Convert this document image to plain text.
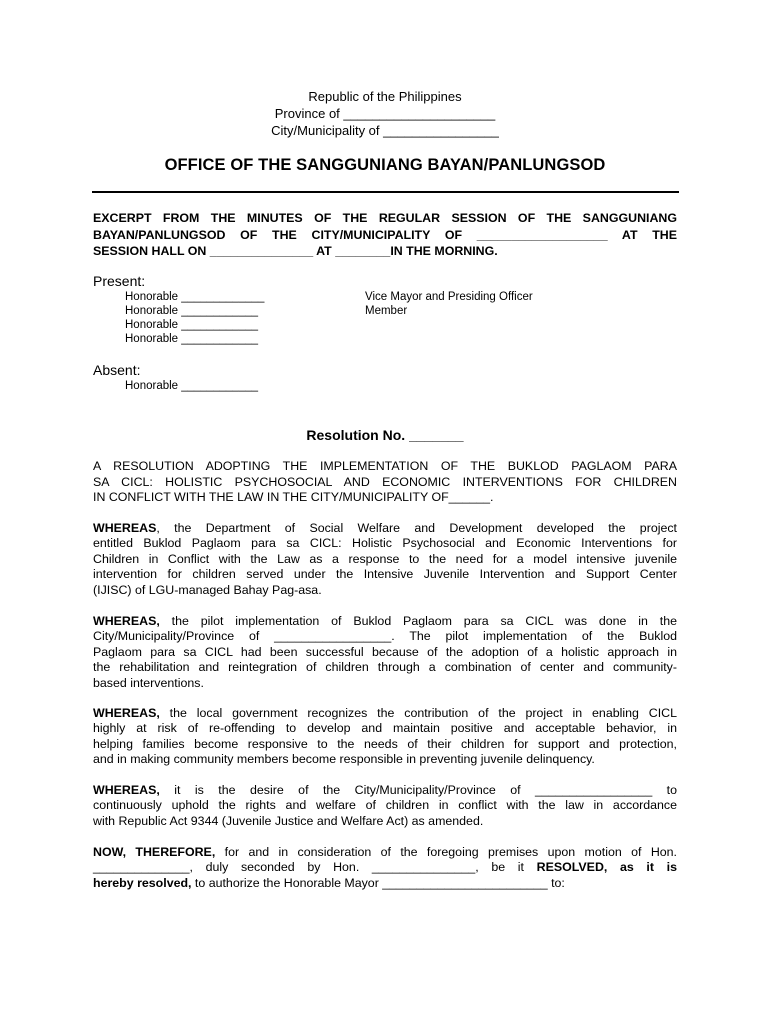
Republic of the Philippines
Province of _____________________
City/Municipality of ________________
OFFICE OF THE SANGGUNIANG BAYAN/PANLUNGSOD
EXCERPT FROM THE MINUTES OF THE REGULAR SESSION OF THE SANGGUNIANG
BAYAN/PANLUNGSOD OF THE CITY/MUNICIPALITY OF ___________________ AT THE
SESSION HALL ON _______________ AT ________IN THE MORNING.
Present:
Honorable _____________
Honorable ____________
Honorable ____________
Honorable ____________
Vice Mayor and Presiding Officer
Member
Absent:
Honorable ____________
Resolution No. _______
A RESOLUTION ADOPTING THE IMPLEMENTATION OF THE BUKLOD PAGLAOM PARA
SA CICL: HOLISTIC PSYCHOSOCIAL AND ECONOMIC INTERVENTIONS FOR CHILDREN
IN CONFLICT WITH THE LAW IN THE CITY/MUNICIPALITY OF______.
WHEREAS, the Department of Social Welfare and Development developed the project
entitled Buklod Paglaom para sa CICL: Holistic Psychosocial and Economic Interventions for
Children in Conflict with the Law as a response to the need for a model intensive juvenile
intervention for children served under the Intensive Juvenile Intervention and Support Center
(IJISC) of LGU-managed Bahay Pag-asa.
WHEREAS, the pilot implementation of Buklod Paglaom para sa CICL was done in the
City/Municipality/Province of _________________. The pilot implementation of the Buklod
Paglaom para sa CICL had been successful because of the adoption of a holistic approach in
the rehabilitation and reintegration of children through a combination of center and community-
based interventions.
WHEREAS, the local government recognizes the contribution of the project in enabling CICL
highly at risk of re-offending to develop and maintain positive and acceptable behavior, in
helping families become responsive to the needs of their children for support and protection,
and in making community members become responsible in preventing juvenile delinquency.
WHEREAS, it is the desire of the City/Municipality/Province of _________________ to
continuously uphold the rights and welfare of children in conflict with the law in accordance
with Republic Act 9344 (Juvenile Justice and Welfare Act) as amended.
NOW, THEREFORE, for and in consideration of the foregoing premises upon motion of Hon.
______________, duly seconded by Hon. _______________, be it RESOLVED, as it is
hereby resolved, to authorize the Honorable Mayor ________________________ to:
